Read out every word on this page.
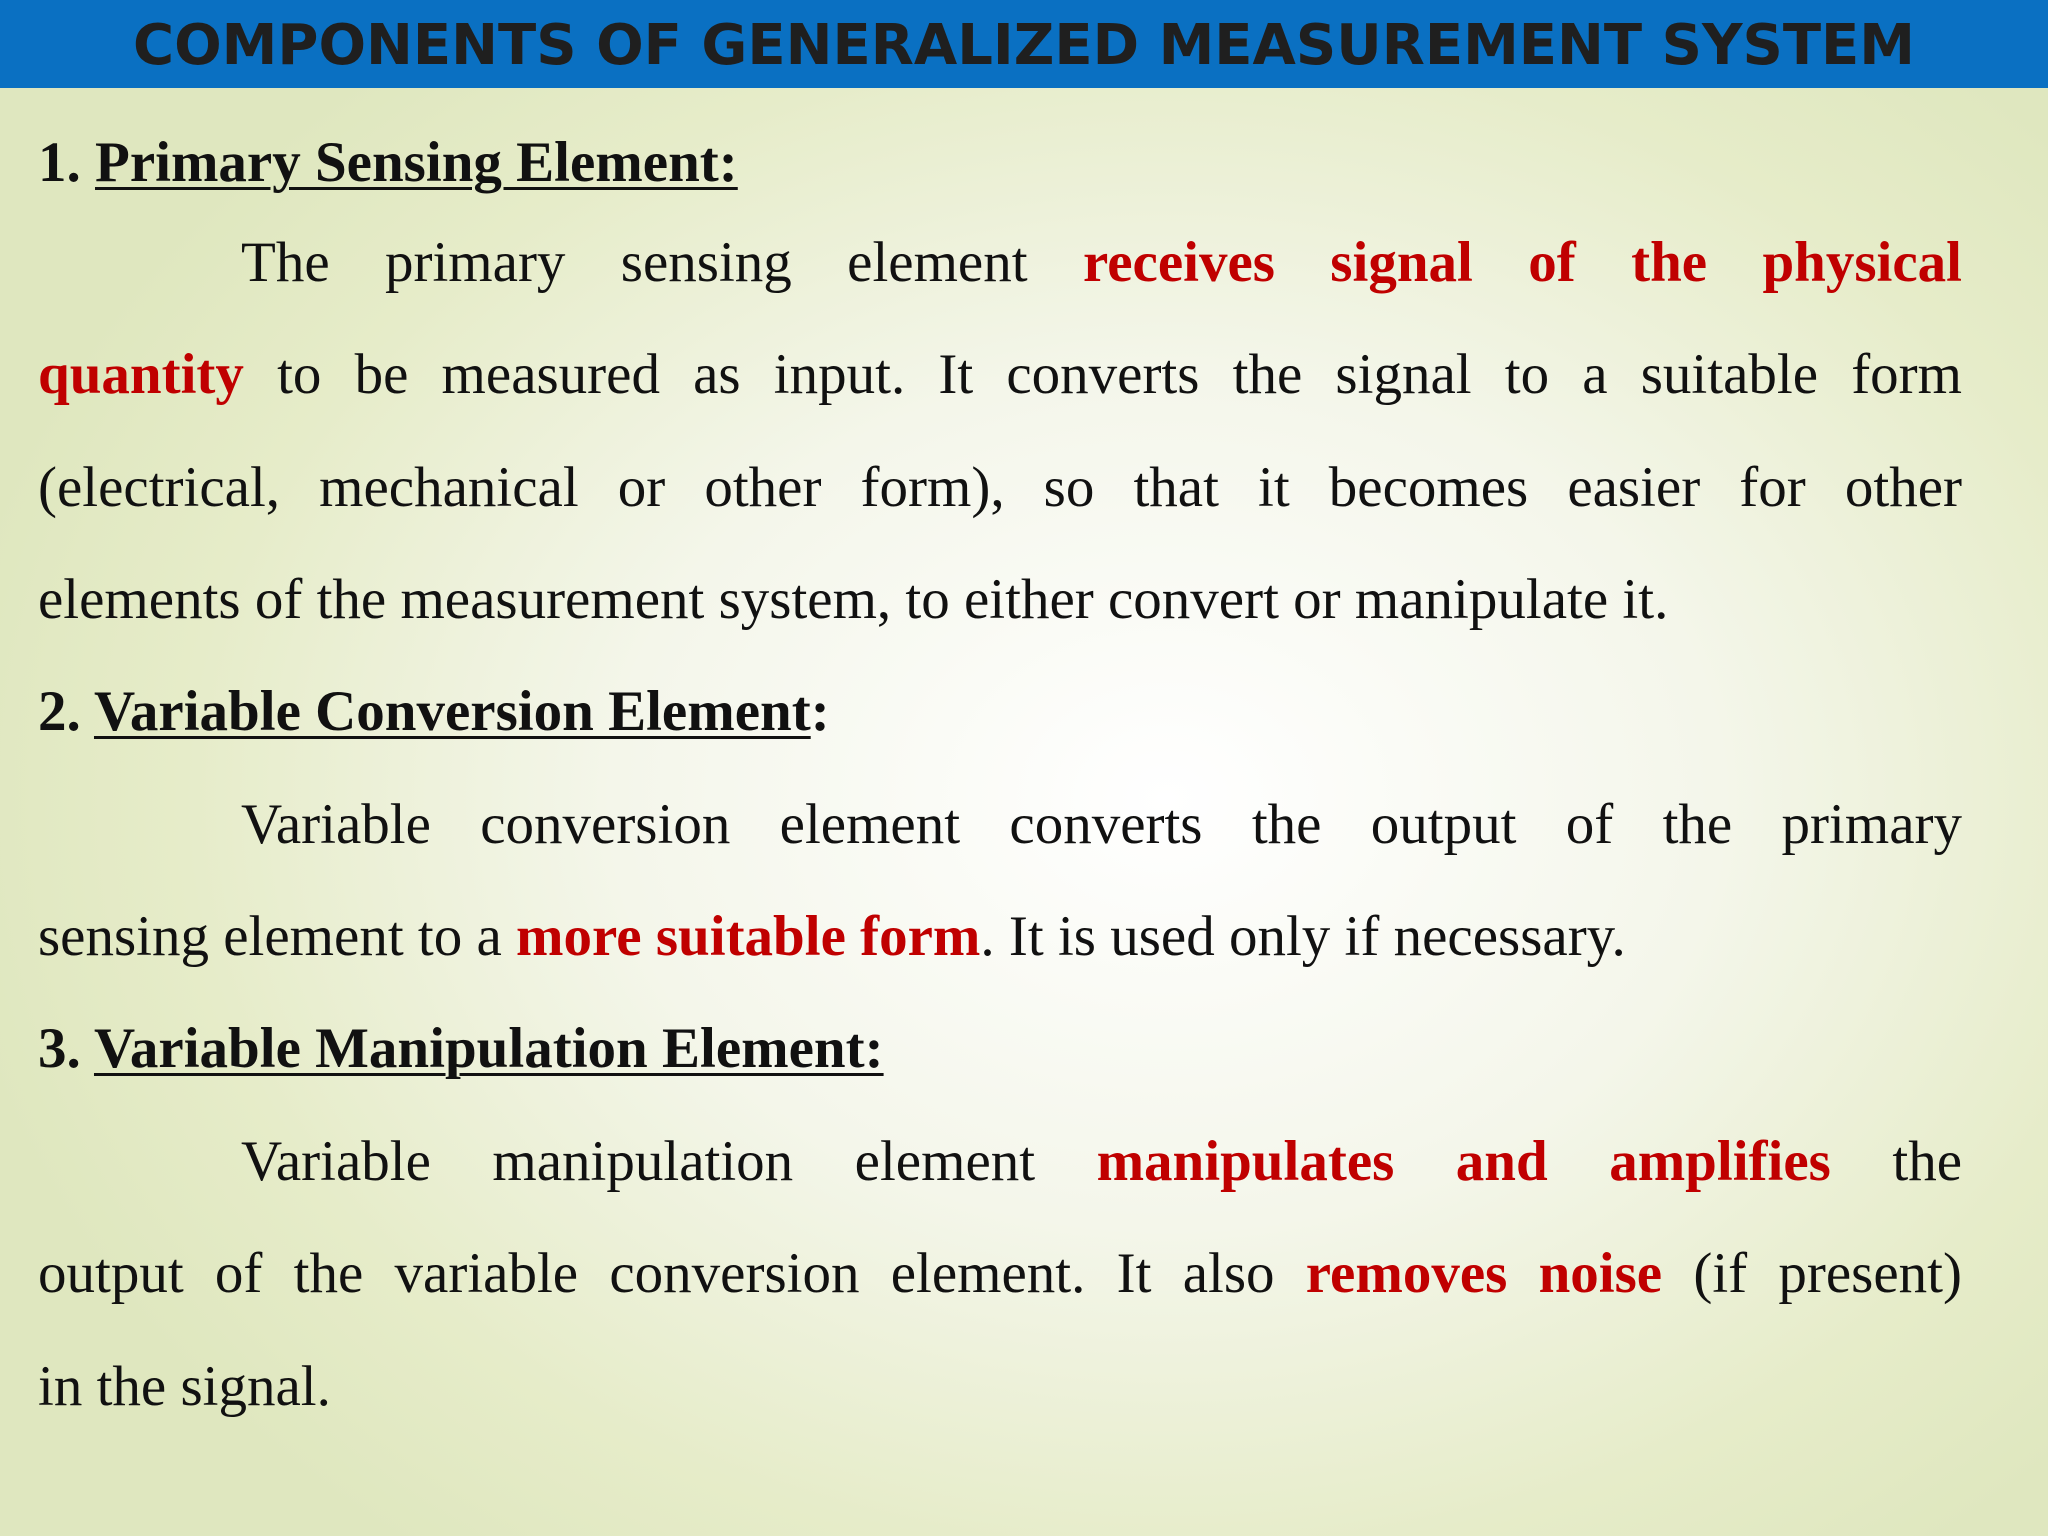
COMPONENTS OF GENERALIZED MEASUREMENT SYSTEM
1. Primary Sensing Element:
The primary sensing element receives signal of the physical
quantity to be measured as input. It converts the signal to a suitable form
(electrical, mechanical or other form), so that it becomes easier for other
elements of the measurement system, to either convert or manipulate it.
2. Variable Conversion Element:
Variable conversion element converts the output of the primary
sensing element to a more suitable form. It is used only if necessary.
3. Variable Manipulation Element:
Variable manipulation element manipulates and amplifies the
output of the variable conversion element. It also removes noise (if present)
in the signal.
